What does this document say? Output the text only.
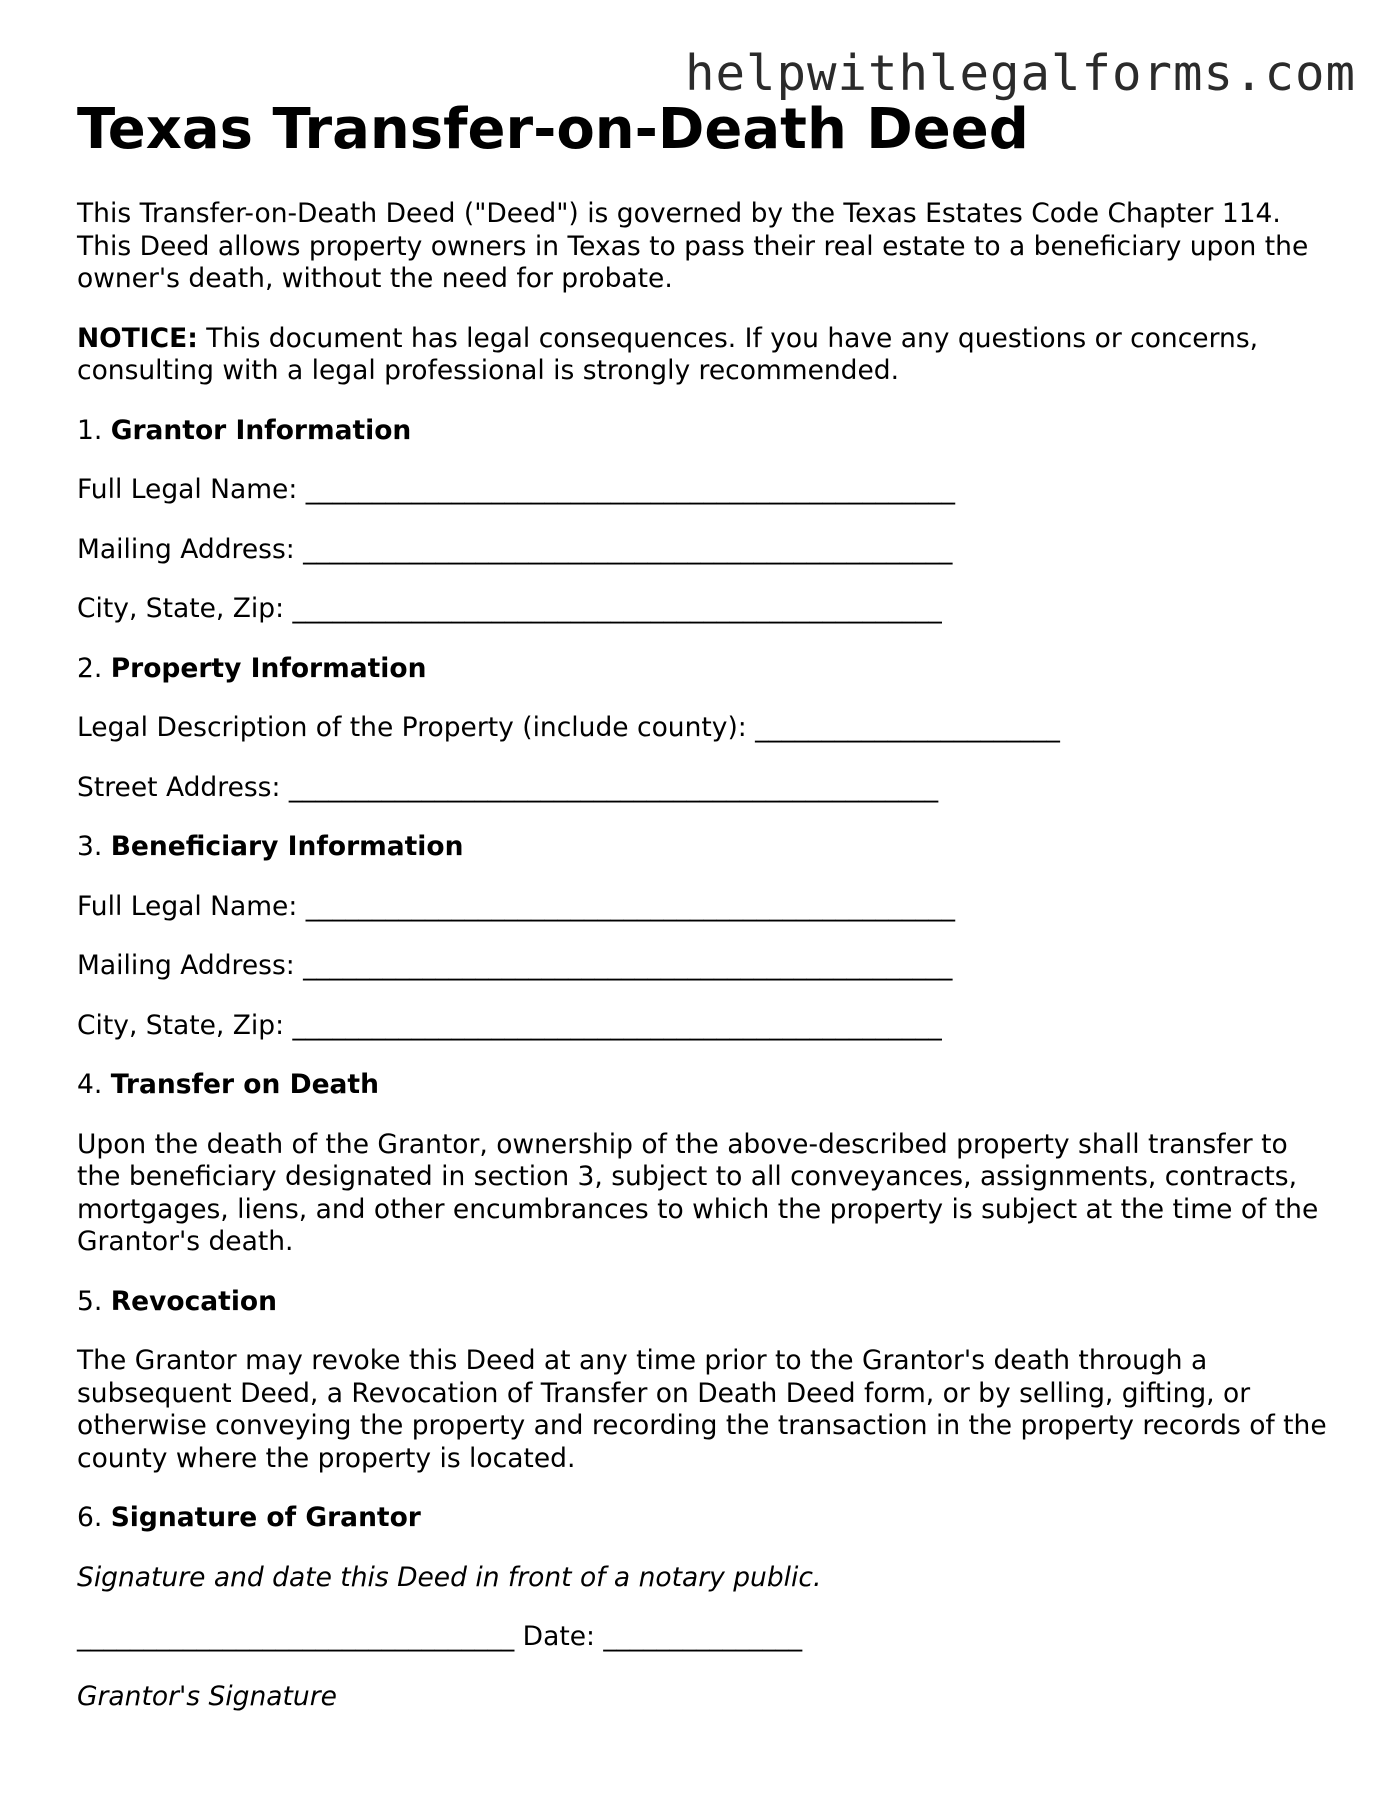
helpwithlegalforms.com
Texas Transfer-on-Death Deed

This Transfer-on-Death Deed ("Deed") is governed by the Texas Estates Code Chapter 114. This Deed allows property owners in Texas to pass their real estate to a beneficiary upon the owner's death, without the need for probate.

NOTICE: This document has legal consequences. If you have any questions or concerns, consulting with a legal professional is strongly recommended.

1. Grantor Information

Full Legal Name: _________________________________________________

Mailing Address: _________________________________________________

City, State, Zip: _________________________________________________

2. Property Information

Legal Description of the Property (include county): _______________________

Street Address: _________________________________________________

3. Beneficiary Information

Full Legal Name: _________________________________________________

Mailing Address: _________________________________________________

City, State, Zip: _________________________________________________

4. Transfer on Death

Upon the death of the Grantor, ownership of the above-described property shall transfer to the beneficiary designated in section 3, subject to all conveyances, assignments, contracts, mortgages, liens, and other encumbrances to which the property is subject at the time of the Grantor's death.

5. Revocation

The Grantor may revoke this Deed at any time prior to the Grantor's death through a subsequent Deed, a Revocation of Transfer on Death Deed form, or by selling, gifting, or otherwise conveying the property and recording the transaction in the property records of the county where the property is located.

6. Signature of Grantor

Signature and date this Deed in front of a notary public.

_________________________________ Date: _______________

Grantor's Signature
